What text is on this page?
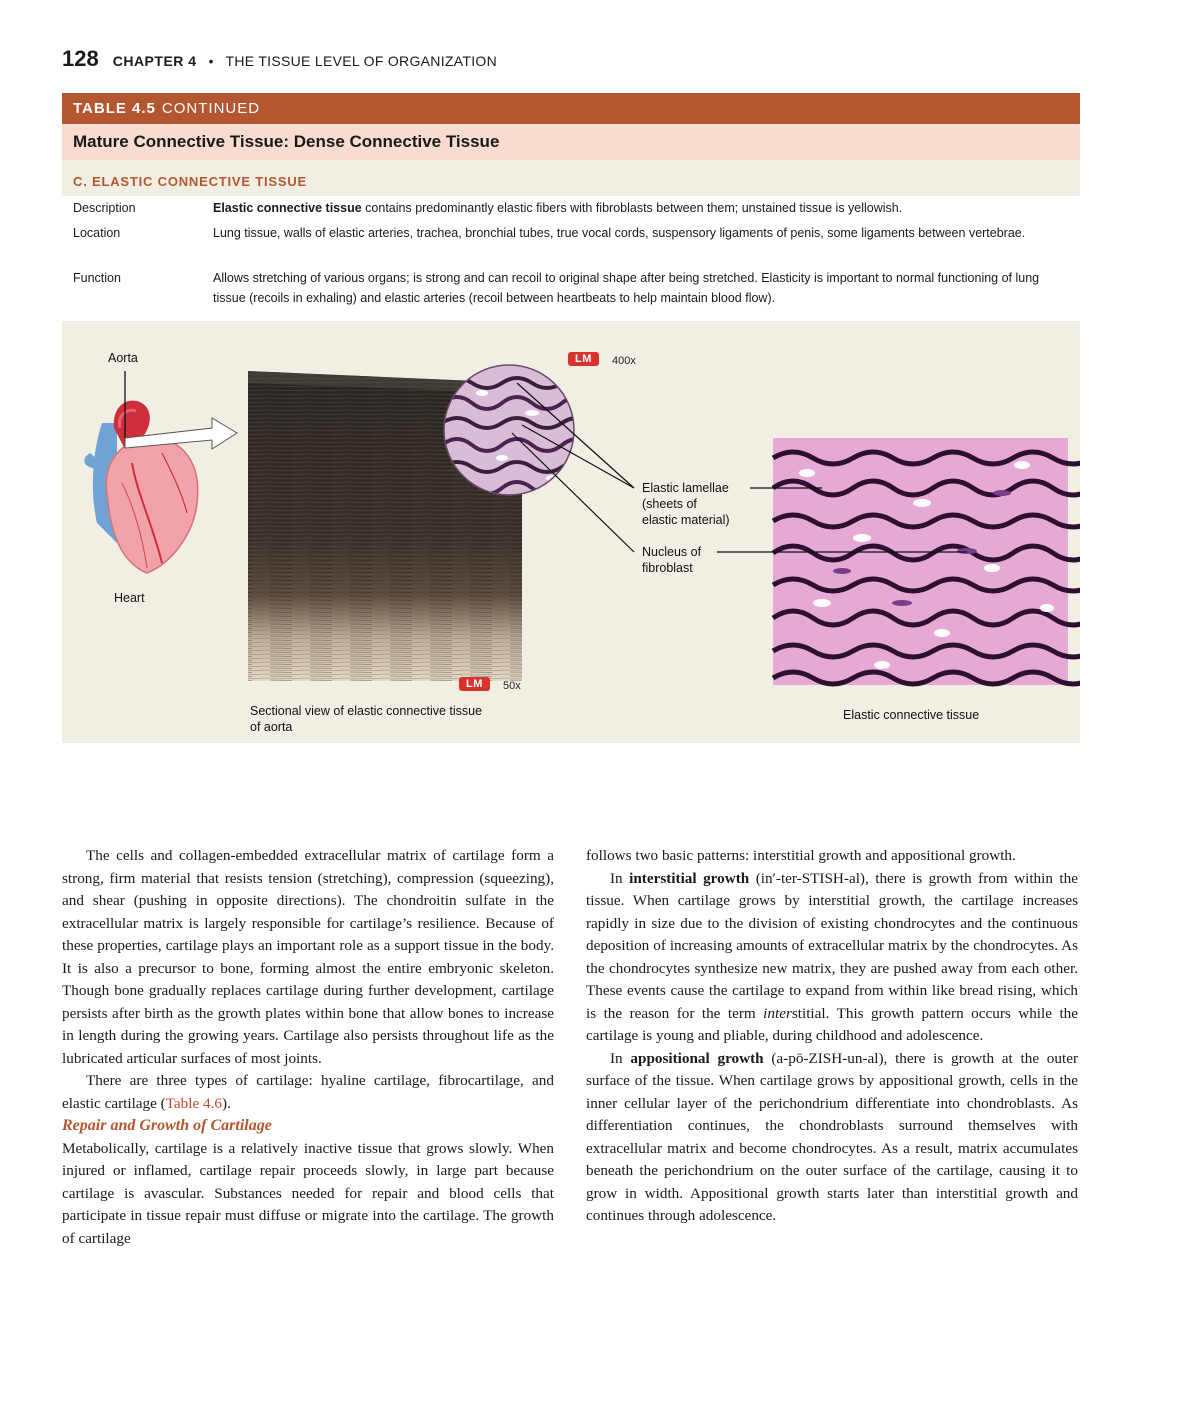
128 CHAPTER 4 • THE TISSUE LEVEL OF ORGANIZATION
TABLE 4.5 CONTINUED
Mature Connective Tissue: Dense Connective Tissue
C. ELASTIC CONNECTIVE TISSUE
Description	Elastic connective tissue contains predominantly elastic fibers with fibroblasts between them; unstained tissue is yellowish.
Location	Lung tissue, walls of elastic arteries, trachea, bronchial tubes, true vocal cords, suspensory ligaments of penis, some ligaments between vertebrae.
Function	Allows stretching of various organs; is strong and can recoil to original shape after being stretched. Elasticity is important to normal functioning of lung tissue (recoils in exhaling) and elastic arteries (recoil between heartbeats to help maintain blood flow).
Aorta
Heart
LM	400x
LM	50x
Elastic lamellae
(sheets of
elastic material)
Nucleus of
fibroblast
Sectional view of elastic connective tissue
of aorta
Elastic connective tissue

The cells and collagen-embedded extracellular matrix of cartilage form a strong, firm material that resists tension (stretching), compression (squeezing), and shear (pushing in opposite directions). The chondroitin sulfate in the extracellular matrix is largely responsible for cartilage’s resilience. Because of these properties, cartilage plays an important role as a support tissue in the body. It is also a precursor to bone, forming almost the entire embryonic skeleton. Though bone gradually replaces cartilage during further development, cartilage persists after birth as the growth plates within bone that allow bones to increase in length during the growing years. Cartilage also persists throughout life as the lubricated articular surfaces of most joints.

There are three types of cartilage: hyaline cartilage, fibrocartilage, and elastic cartilage (Table 4.6).

Repair and Growth of Cartilage

Metabolically, cartilage is a relatively inactive tissue that grows slowly. When injured or inflamed, cartilage repair proceeds slowly, in large part because cartilage is avascular. Substances needed for repair and blood cells that participate in tissue repair must diffuse or migrate into the cartilage. The growth of cartilage

follows two basic patterns: interstitial growth and appositional growth.

In interstitial growth (in′-ter-STISH-al), there is growth from within the tissue. When cartilage grows by interstitial growth, the cartilage increases rapidly in size due to the division of existing chondrocytes and the continuous deposition of increasing amounts of extracellular matrix by the chondrocytes. As the chondrocytes synthesize new matrix, they are pushed away from each other. These events cause the cartilage to expand from within like bread rising, which is the reason for the term interstitial. This growth pattern occurs while the cartilage is young and pliable, during childhood and adolescence.

In appositional growth (a-pō-ZISH-un-al), there is growth at the outer surface of the tissue. When cartilage grows by appositional growth, cells in the inner cellular layer of the perichondrium differentiate into chondroblasts. As differentiation continues, the chondroblasts surround themselves with extracellular matrix and become chondrocytes. As a result, matrix accumulates beneath the perichondrium on the outer surface of the cartilage, causing it to grow in width. Appositional growth starts later than interstitial growth and continues through adolescence.
